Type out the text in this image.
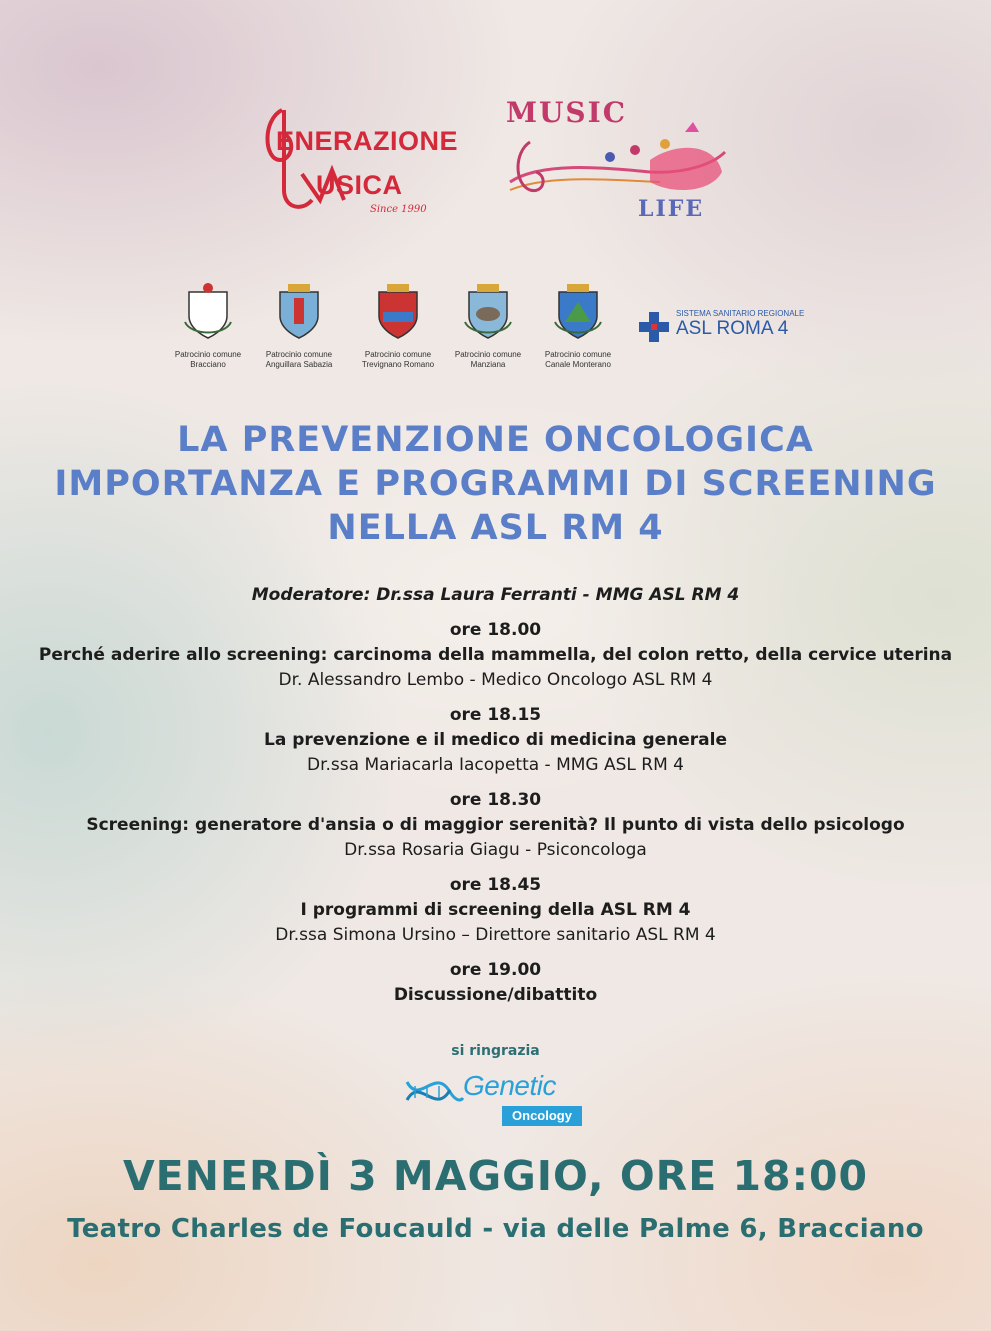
ENERAZIONE
USICA
Since 1990
MUSIC
LIFE
Patrocinio comune
Bracciano
Patrocinio comune
Anguillara Sabazia
Patrocinio comune
Trevignano Romano
Patrocinio comune
Manziana
Patrocinio comune
Canale Monterano
SISTEMA SANITARIO REGIONALE
ASL ROMA 4
LA PREVENZIONE ONCOLOGICA
IMPORTANZA E PROGRAMMI DI SCREENING
NELLA ASL RM 4
Moderatore: Dr.ssa Laura Ferranti - MMG ASL RM 4
ore 18.00
Perché aderire allo screening: carcinoma della mammella, del colon retto, della cervice uterina
Dr. Alessandro Lembo - Medico Oncologo ASL RM 4
ore 18.15
La prevenzione e il medico di medicina generale
Dr.ssa Mariacarla Iacopetta - MMG ASL RM 4
ore 18.30
Screening: generatore d'ansia o di maggior serenità? Il punto di vista dello psicologo
Dr.ssa Rosaria Giagu - Psiconcologa
ore 18.45
I programmi di screening della ASL RM 4
Dr.ssa Simona Ursino – Direttore sanitario ASL RM 4
ore 19.00
Discussione/dibattito
si ringrazia
Genetic
Oncology
VENERDÌ 3 MAGGIO, ORE 18:00
Teatro Charles de Foucauld - via delle Palme 6, Bracciano
